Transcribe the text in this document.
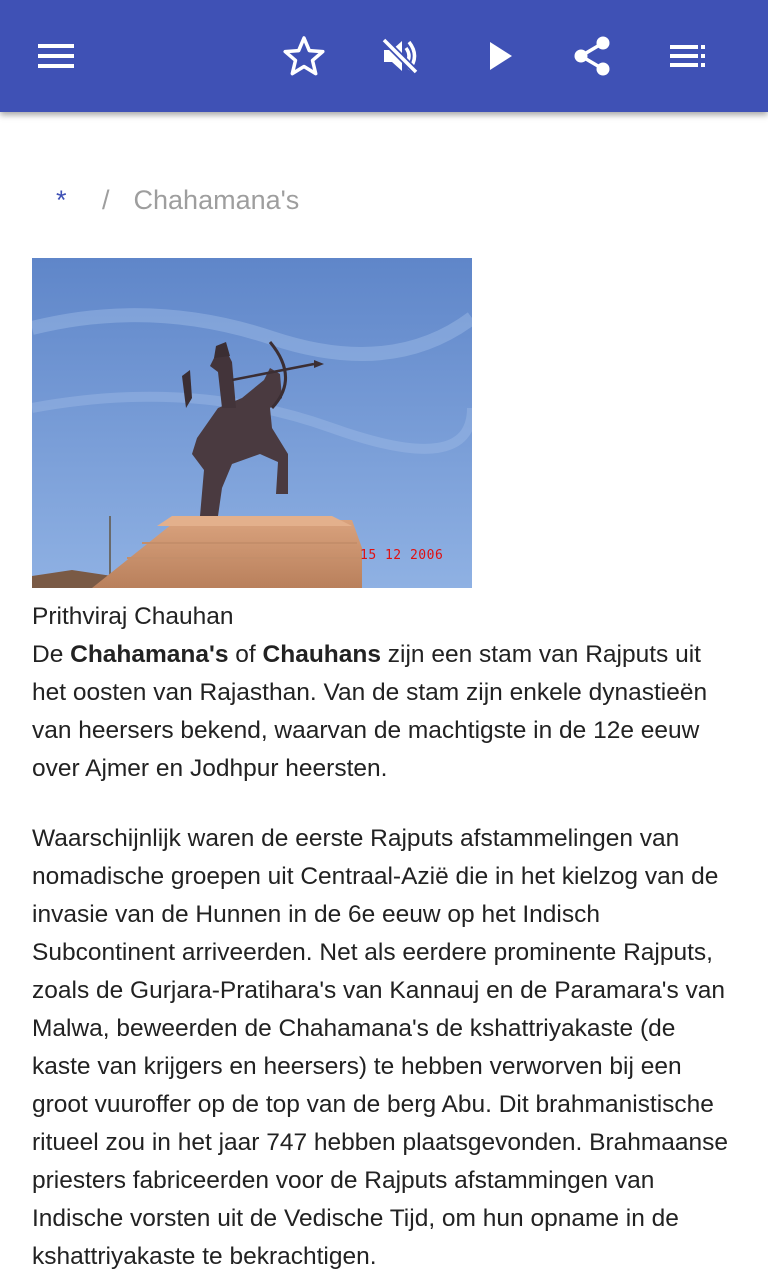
* / Chahamana's
15 12 2006

Prithviraj Chauhan

De Chahamana's of Chauhans zijn een stam van Rajputs uit het oosten van Rajasthan. Van de stam zijn enkele dynastieën van heersers bekend, waarvan de machtigste in de 12e eeuw over Ajmer en Jodhpur heersten.

Waarschijnlijk waren de eerste Rajputs afstammelingen van nomadische groepen uit Centraal-Azië die in het kielzog van de invasie van de Hunnen in de 6e eeuw op het Indisch Subcontinent arriveerden. Net als eerdere prominente Rajputs, zoals de Gurjara-Pratihara's van Kannauj en de Paramara's van Malwa, beweerden de Chahamana's de kshattriyakaste (de kaste van krijgers en heersers) te hebben verworven bij een groot vuuroffer op de top van de berg Abu. Dit brahmanistische ritueel zou in het jaar 747 hebben plaatsgevonden. Brahmaanse priesters fabriceerden voor de Rajputs afstammingen van Indische vorsten uit de Vedische Tijd, om hun opname in de kshattriyakaste te bekrachtigen.
